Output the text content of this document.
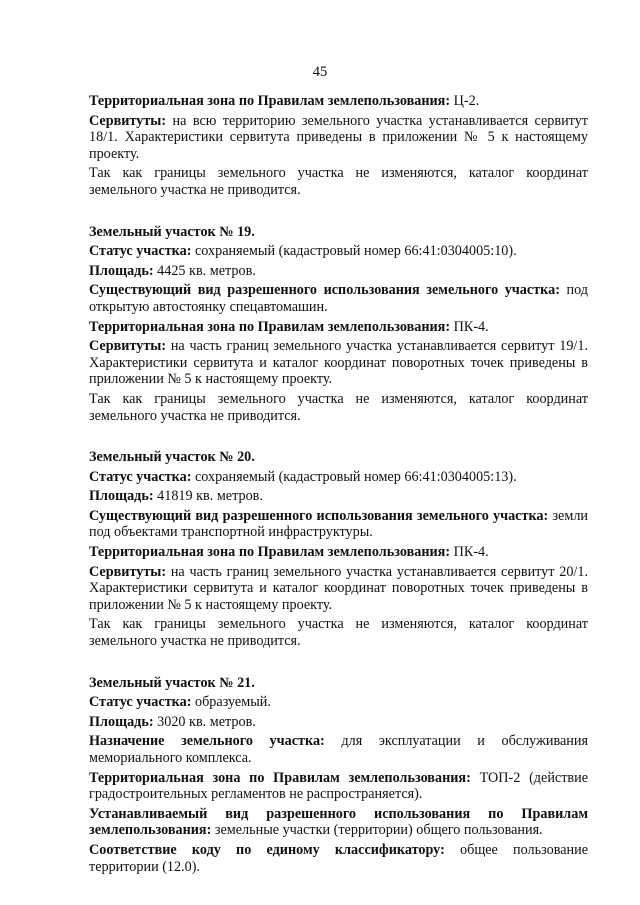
45

Территориальная зона по Правилам землепользования: Ц-2.

Сервитуты: на всю территорию земельного участка устанавливается сервитут 18/1. Характеристики сервитута приведены в приложении № 5 к настоящему проекту.

Так как границы земельного участка не изменяются, каталог координат земельного участка не приводится.

Земельный участок № 19.

Статус участка: сохраняемый (кадастровый номер 66:41:0304005:10).

Площадь: 4425 кв. метров.

Существующий вид разрешенного использования земельного участка: под открытую автостоянку спецавтомашин.

Территориальная зона по Правилам землепользования: ПК-4.

Сервитуты: на часть границ земельного участка устанавливается сервитут 19/1. Характеристики сервитута и каталог координат поворотных точек приведены в приложении № 5 к настоящему проекту.

Так как границы земельного участка не изменяются, каталог координат земельного участка не приводится.

Земельный участок № 20.

Статус участка: сохраняемый (кадастровый номер 66:41:0304005:13).

Площадь: 41819 кв. метров.

Существующий вид разрешенного использования земельного участка: земли под объектами транспортной инфраструктуры.

Территориальная зона по Правилам землепользования: ПК-4.

Сервитуты: на часть границ земельного участка устанавливается сервитут 20/1. Характеристики сервитута и каталог координат поворотных точек приведены в приложении № 5 к настоящему проекту.

Так как границы земельного участка не изменяются, каталог координат земельного участка не приводится.

Земельный участок № 21.

Статус участка: образуемый.

Площадь: 3020 кв. метров.

Назначение земельного участка: для эксплуатации и обслуживания мемориального комплекса.

Территориальная зона по Правилам землепользования: ТОП-2 (действие градостроительных регламентов не распространяется).

Устанавливаемый вид разрешенного использования по Правилам землепользования: земельные участки (территории) общего пользования.

Соответствие коду по единому классификатору: общее пользование территории (12.0).
